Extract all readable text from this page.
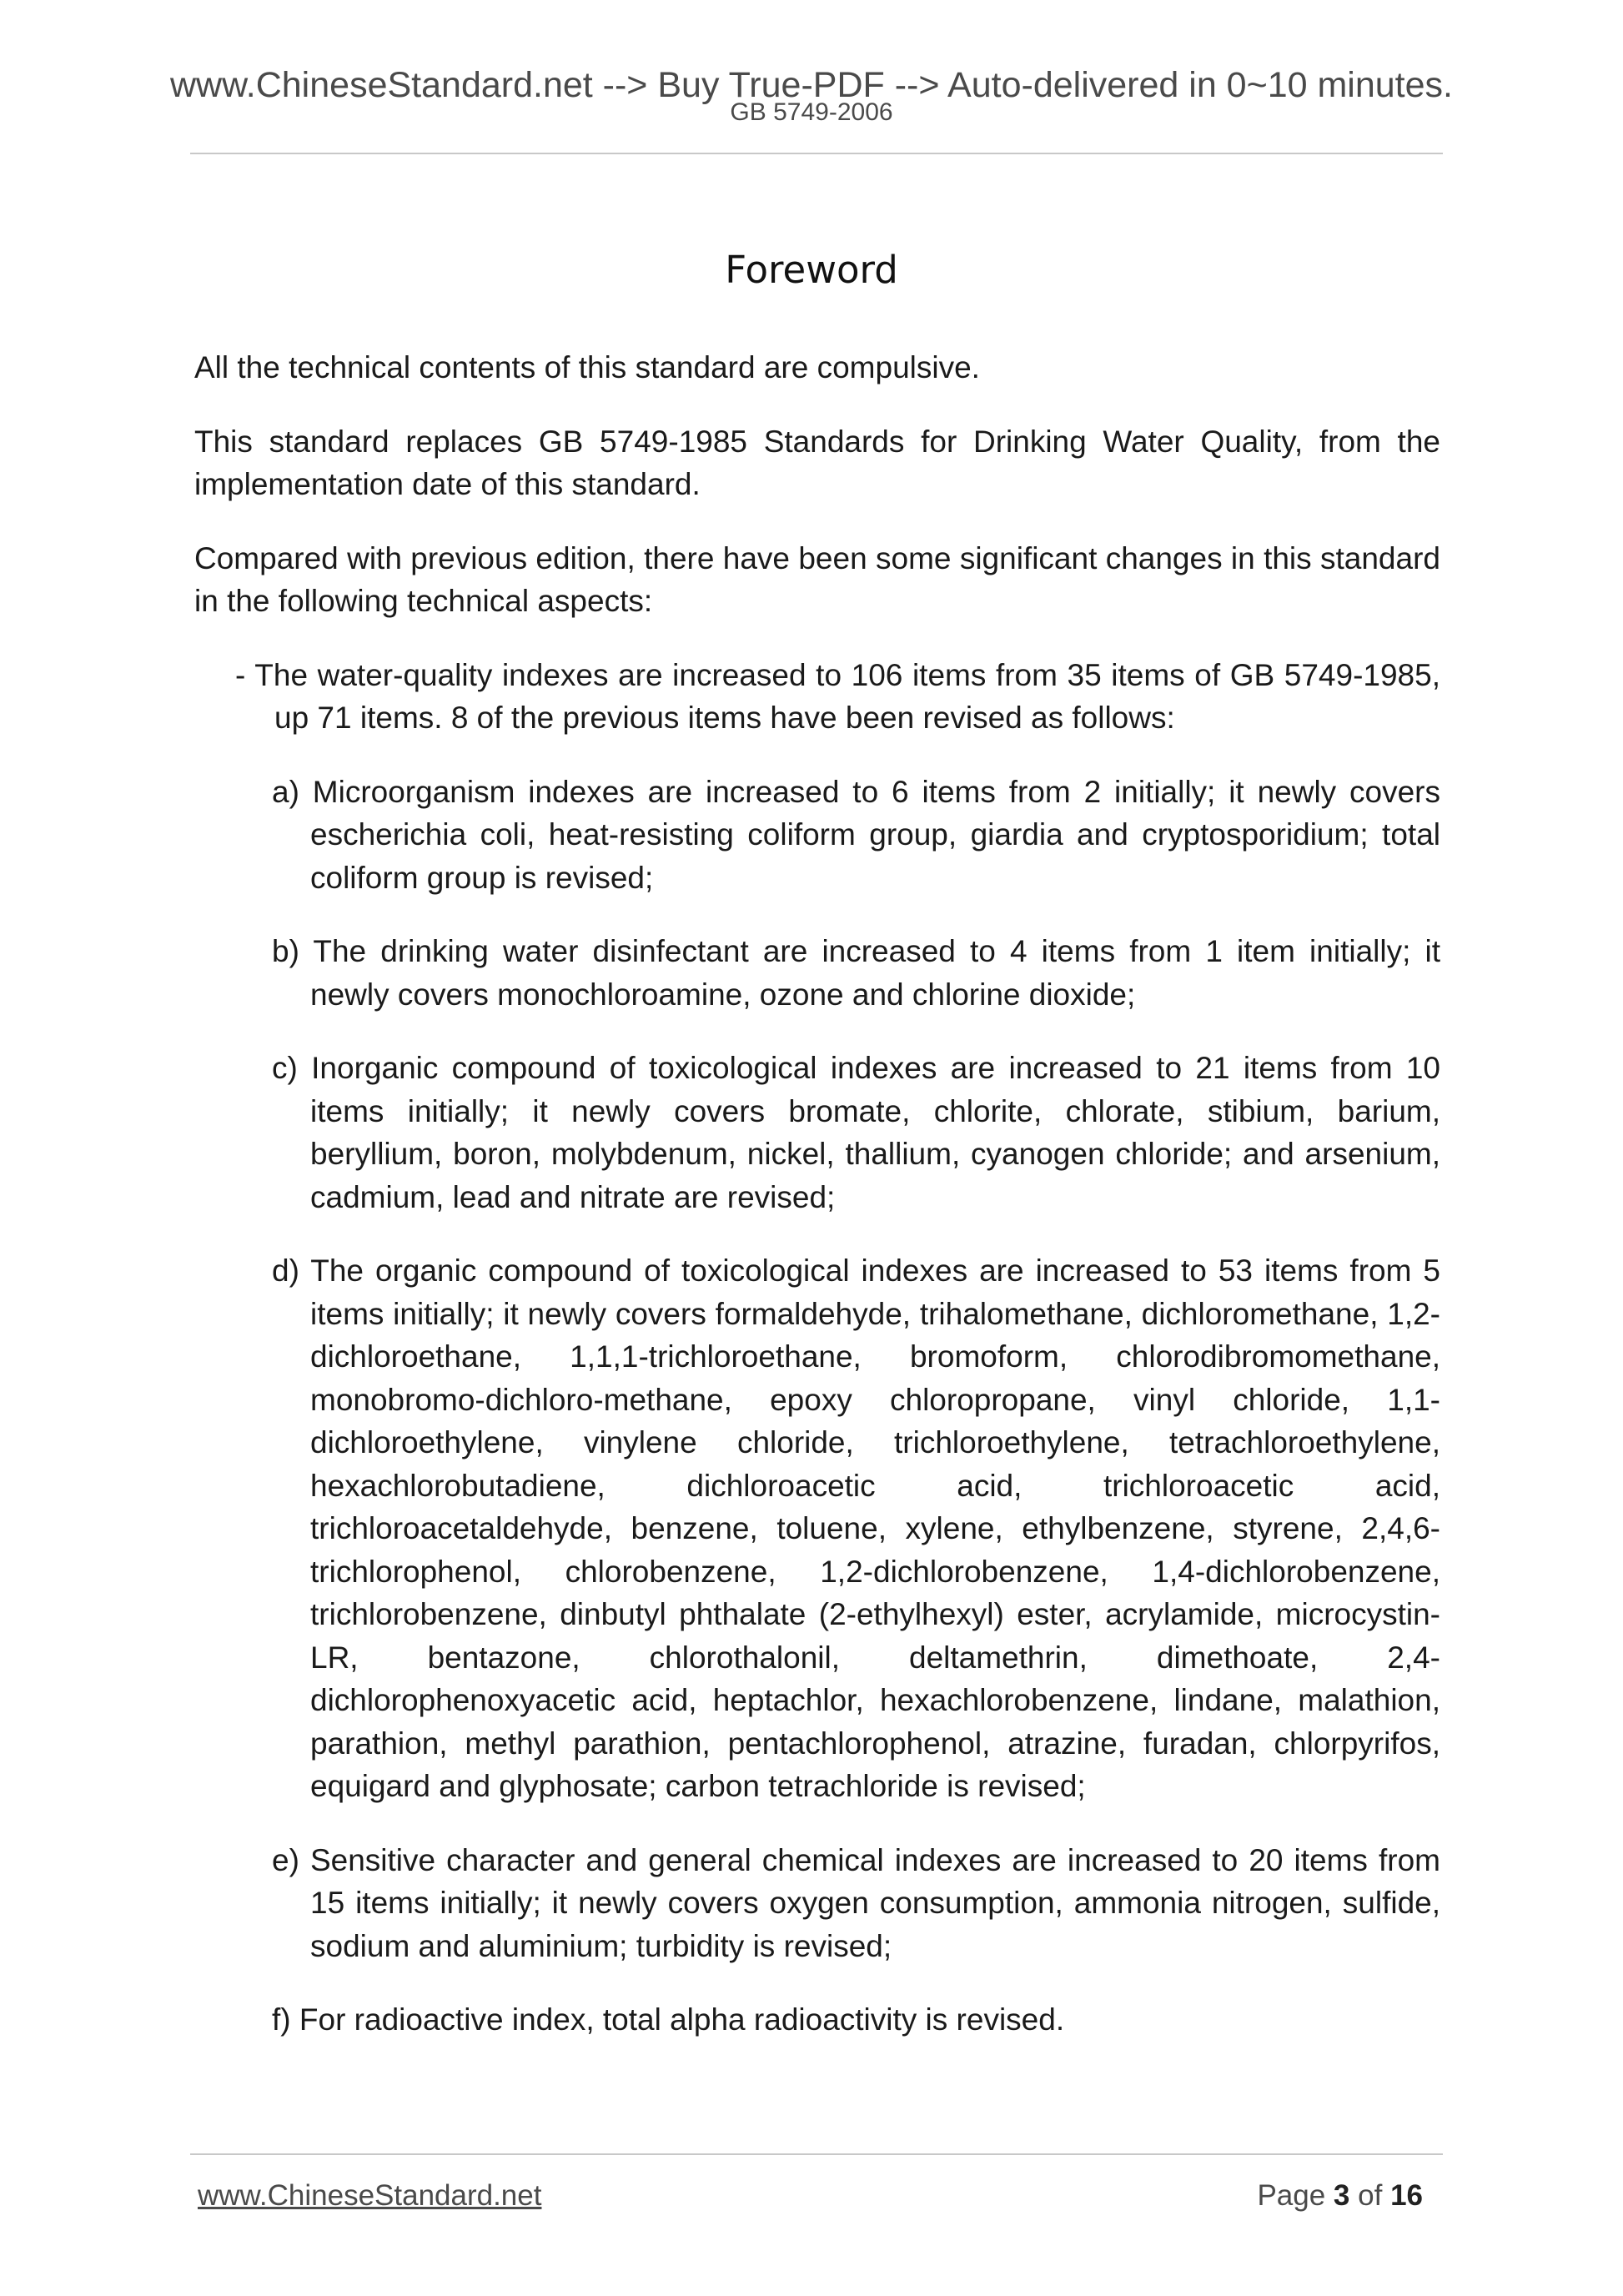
www.ChineseStandard.net --> Buy True-PDF --> Auto-delivered in 0~10 minutes.
GB 5749-2006
Foreword

All the technical contents of this standard are compulsive.

This standard replaces GB 5749-1985 Standards for Drinking Water Quality, from the implementation date of this standard.

Compared with previous edition, there have been some significant changes in this standard in the following technical aspects:

- The water-quality indexes are increased to 106 items from 35 items of GB 5749-1985, up 71 items. 8 of the previous items have been revised as follows:

a) Microorganism indexes are increased to 6 items from 2 initially; it newly covers escherichia coli, heat-resisting coliform group, giardia and cryptosporidium; total coliform group is revised;

b) The drinking water disinfectant are increased to 4 items from 1 item initially; it newly covers monochloroamine, ozone and chlorine dioxide;

c) Inorganic compound of toxicological indexes are increased to 21 items from 10 items initially; it newly covers bromate, chlorite, chlorate, stibium, barium, beryllium, boron, molybdenum, nickel, thallium, cyanogen chloride; and arsenium, cadmium, lead and nitrate are revised;

d) The organic compound of toxicological indexes are increased to 53 items from 5 items initially; it newly covers formaldehyde, trihalomethane, dichloromethane, 1,2-dichloroethane, 1,1,1-trichloroethane, bromoform, chlorodibromomethane, monobromo-dichloro-methane, epoxy chloropropane, vinyl chloride, 1,1-dichloroethylene, vinylene chloride, trichloroethylene, tetrachloroethylene, hexachlorobutadiene, dichloroacetic acid, trichloroacetic acid, trichloroacetaldehyde, benzene, toluene, xylene, ethylbenzene, styrene, 2,4,6-trichlorophenol, chlorobenzene, 1,2-dichlorobenzene, 1,4-dichlorobenzene, trichlorobenzene, dinbutyl phthalate (2-ethylhexyl) ester, acrylamide, microcystin-LR, bentazone, chlorothalonil, deltamethrin, dimethoate, 2,4-dichlorophenoxyacetic acid, heptachlor, hexachlorobenzene, lindane, malathion, parathion, methyl parathion, pentachlorophenol, atrazine, furadan, chlorpyrifos, equigard and glyphosate; carbon tetrachloride is revised;

e) Sensitive character and general chemical indexes are increased to 20 items from 15 items initially; it newly covers oxygen consumption, ammonia nitrogen, sulfide, sodium and aluminium; turbidity is revised;

f) For radioactive index, total alpha radioactivity is revised.

www.ChineseStandard.net	Page 3 of 16
